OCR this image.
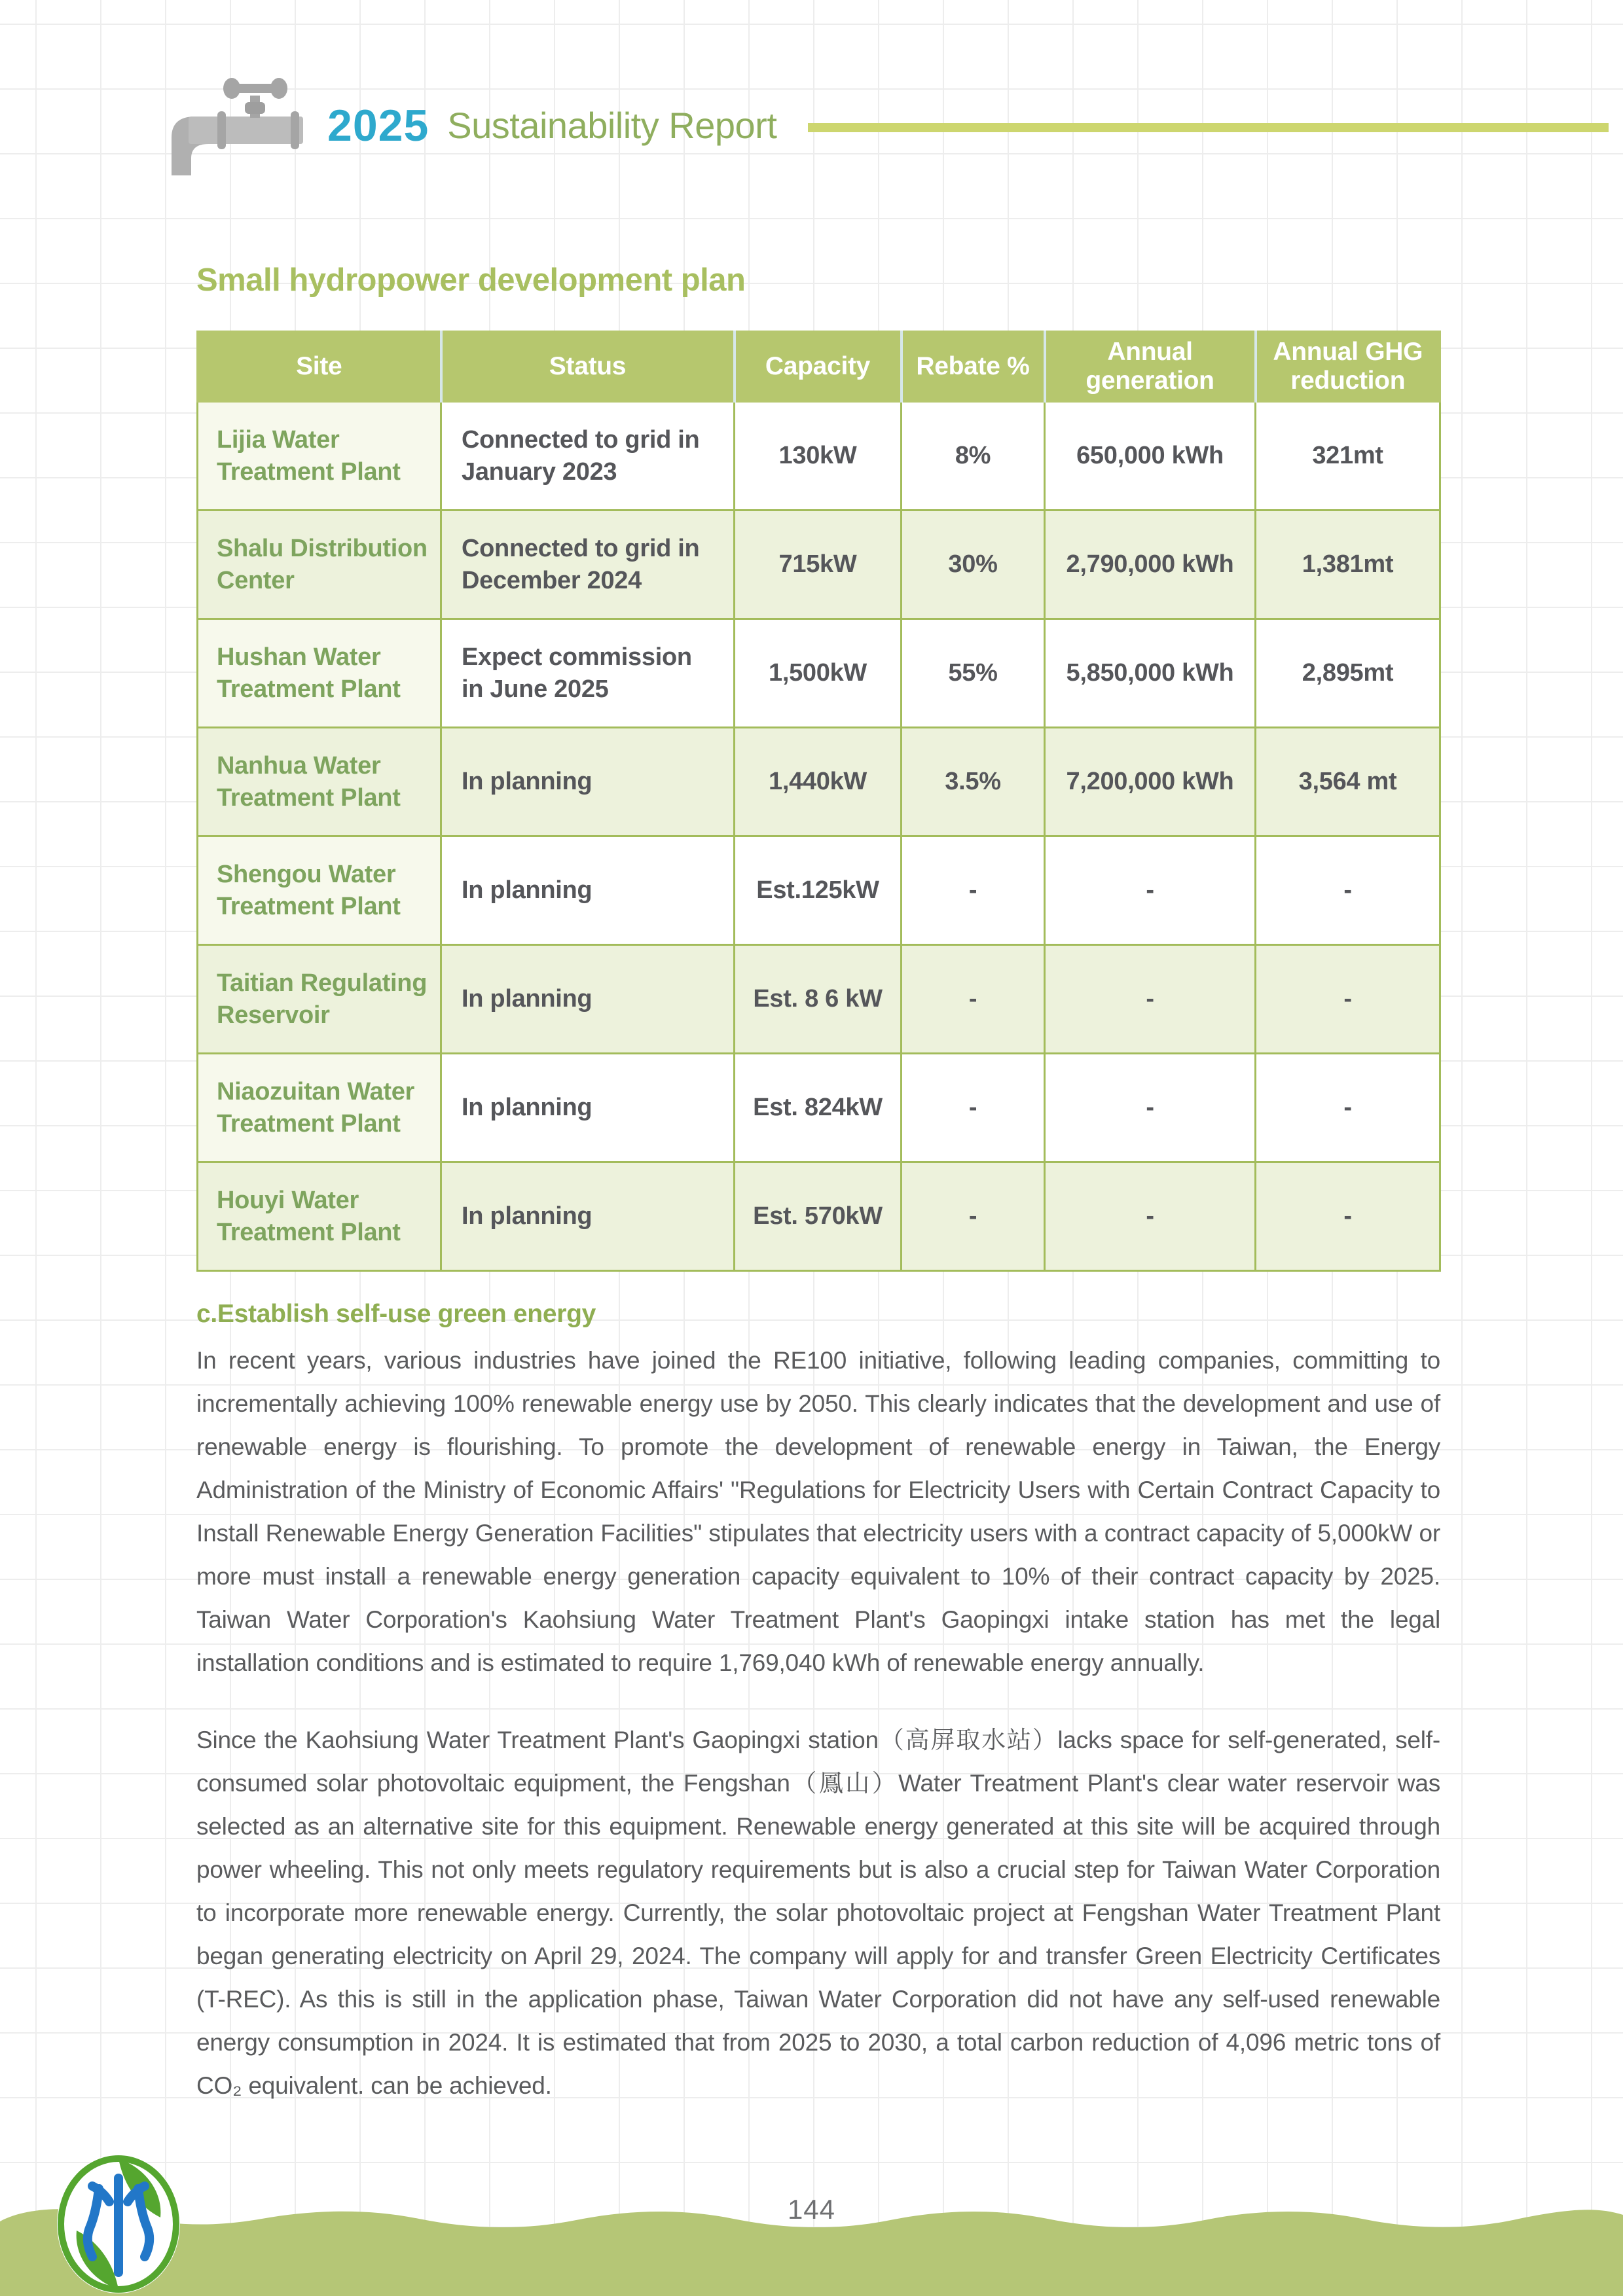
2025 Sustainability Report
Small hydropower development plan
Site	Status	Capacity	Rebate %	Annual generation	Annual GHG reduction
Lijia Water Treatment Plant	Connected to grid in January 2023	130kW	8%	650,000 kWh	321mt
Shalu Distribution Center	Connected to grid in December 2024	715kW	30%	2,790,000 kWh	1,381mt
Hushan Water Treatment Plant	Expect commission in June 2025	1,500kW	55%	5,850,000 kWh	2,895mt
Nanhua Water Treatment Plant	In planning	1,440kW	3.5%	7,200,000 kWh	3,564 mt
Shengou Water Treatment Plant	In planning	Est.125kW	-	-	-
Taitian Regulating Reservoir	In planning	Est. 8 6 kW	-	-	-
Niaozuitan Water Treatment Plant	In planning	Est. 824kW	-	-	-
Houyi Water Treatment Plant	In planning	Est. 570kW	-	-	-
c.Establish self-use green energy

In recent years, various industries have joined the RE100 initiative, following leading companies, committing to incrementally achieving 100% renewable energy use by 2050. This clearly indicates that the development and use of renewable energy is flourishing. To promote the development of renewable energy in Taiwan, the Energy Administration of the Ministry of Economic Affairs' "Regulations for Electricity Users with Certain Contract Capacity to Install Renewable Energy Generation Facilities" stipulates that electricity users with a contract capacity of 5,000kW or more must install a renewable energy generation capacity equivalent to 10% of their contract capacity by 2025. Taiwan Water Corporation's Kaohsiung Water Treatment Plant's Gaopingxi intake station has met the legal installation conditions and is estimated to require 1,769,040 kWh of renewable energy annually.

Since the Kaohsiung Water Treatment Plant's Gaopingxi station（高屏取水站）lacks space for self-generated, self-consumed solar photovoltaic equipment, the Fengshan（鳳山）Water Treatment Plant's clear water reservoir was selected as an alternative site for this equipment. Renewable energy generated at this site will be acquired through power wheeling. This not only meets regulatory requirements but is also a crucial step for Taiwan Water Corporation to incorporate more renewable energy. Currently, the solar photovoltaic project at Fengshan Water Treatment Plant began generating electricity on April 29, 2024. The company will apply for and transfer Green Electricity Certificates (T-REC). As this is still in the application phase, Taiwan Water Corporation did not have any self-used renewable energy consumption in 2024. It is estimated that from 2025 to 2030, a total carbon reduction of 4,096 metric tons of CO₂ equivalent. can be achieved.

144
